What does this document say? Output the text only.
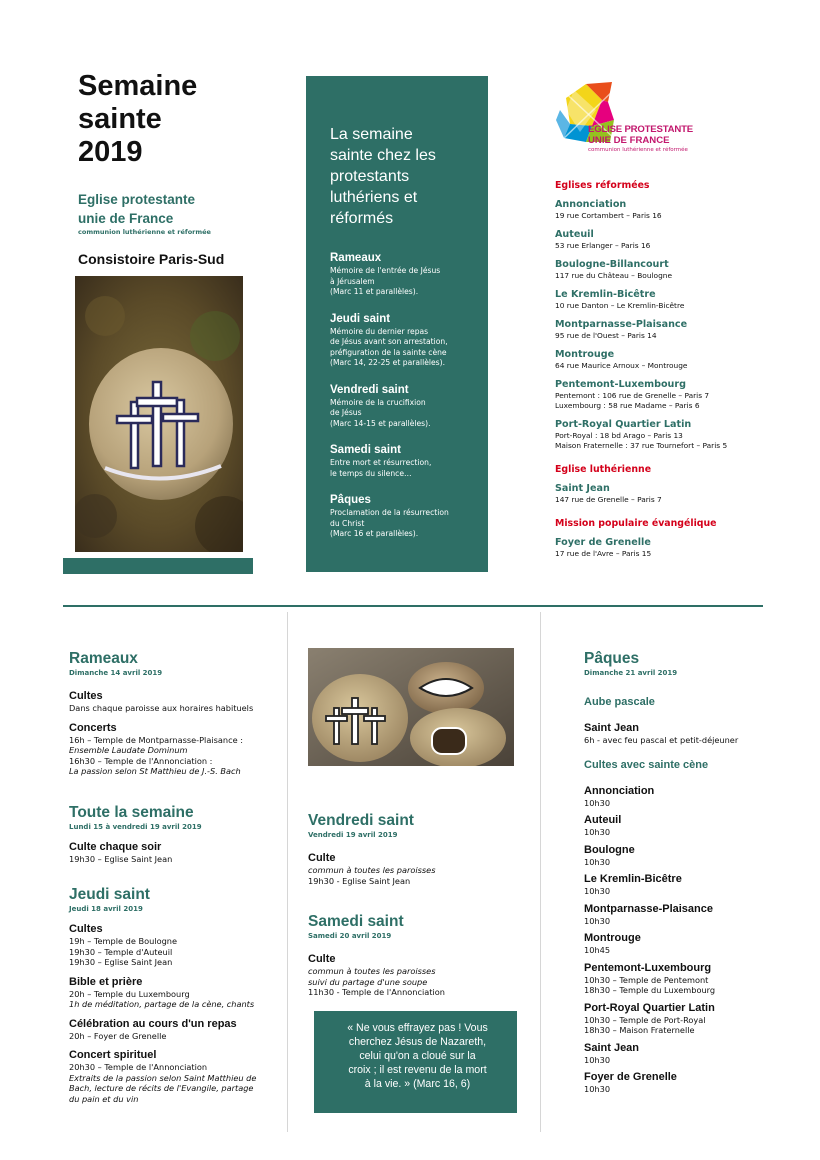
Semaine
sainte
2019
Eglise protestante
unie de France
communion luthérienne et réformée
Consistoire Paris-Sud
La semaine
sainte chez les
protestants
luthériens et
réformés
Rameaux
Mémoire de l'entrée de Jésus
à Jérusalem
(Marc 11 et parallèles).
Jeudi saint
Mémoire du dernier repas
de Jésus avant son arrestation,
préfiguration de la sainte cène
(Marc 14, 22-25 et parallèles).
Vendredi saint
Mémoire de la crucifixion
de Jésus
(Marc 14-15 et parallèles).
Samedi saint
Entre mort et résurrection,
le temps du silence…
Pâques
Proclamation de la résurrection
du Christ
(Marc 16 et parallèles).
EGLISE PROTESTANTE
UNIE DE FRANCE
communion luthérienne et réformée
Eglises réformées
Annonciation
19 rue Cortambert – Paris 16
Auteuil
53 rue Erlanger – Paris 16
Boulogne-Billancourt
117 rue du Château – Boulogne
Le Kremlin-Bicêtre
10 rue Danton – Le Kremlin-Bicêtre
Montparnasse-Plaisance
95 rue de l'Ouest – Paris 14
Montrouge
64 rue Maurice Arnoux – Montrouge
Pentemont-Luxembourg
Pentemont : 106 rue de Grenelle – Paris 7
Luxembourg : 58 rue Madame – Paris 6
Port-Royal Quartier Latin
Port-Royal : 18 bd Arago – Paris 13
Maison Fraternelle : 37 rue Tournefort – Paris 5
Eglise luthérienne
Saint Jean
147 rue de Grenelle – Paris 7
Mission populaire évangélique
Foyer de Grenelle
17 rue de l'Avre – Paris 15
Rameaux
Dimanche 14 avril 2019
Cultes
Dans chaque paroisse aux horaires habituels
Concerts
16h – Temple de Montparnasse-Plaisance :
Ensemble Laudate Dominum
16h30 – Temple de l'Annonciation :
La passion selon St Matthieu de J.-S. Bach
Toute la semaine
Lundi 15 à vendredi 19 avril 2019
Culte chaque soir
19h30 – Eglise Saint Jean
Jeudi saint
Jeudi 18 avril 2019
Cultes
19h – Temple de Boulogne
19h30 – Temple d'Auteuil
19h30 – Eglise Saint Jean
Bible et prière
20h – Temple du Luxembourg
1h de méditation, partage de la cène, chants
Célébration au cours d'un repas
20h – Foyer de Grenelle
Concert spirituel
20h30 – Temple de l'Annonciation
Extraits de la passion selon Saint Matthieu de
Bach, lecture de récits de l'Evangile, partage
du pain et du vin
Vendredi saint
Vendredi 19 avril 2019
Culte
commun à toutes les paroisses
19h30 - Eglise Saint Jean
Samedi saint
Samedi 20 avril 2019
Culte
commun à toutes les paroisses
suivi du partage d'une soupe
11h30 - Temple de l'Annonciation
« Ne vous effrayez pas ! Vous
cherchez Jésus de Nazareth,
celui qu'on a cloué sur la
croix ; il est revenu de la mort
à la vie. » (Marc 16, 6)
Pâques
Dimanche 21 avril 2019
Aube pascale
Saint Jean
6h - avec feu pascal et petit-déjeuner
Cultes avec sainte cène
Annonciation
10h30
Auteuil
10h30
Boulogne
10h30
Le Kremlin-Bicêtre
10h30
Montparnasse-Plaisance
10h30
Montrouge
10h45
Pentemont-Luxembourg
10h30 – Temple de Pentemont
18h30 – Temple du Luxembourg
Port-Royal Quartier Latin
10h30 – Temple de Port-Royal
18h30 – Maison Fraternelle
Saint Jean
10h30
Foyer de Grenelle
10h30
